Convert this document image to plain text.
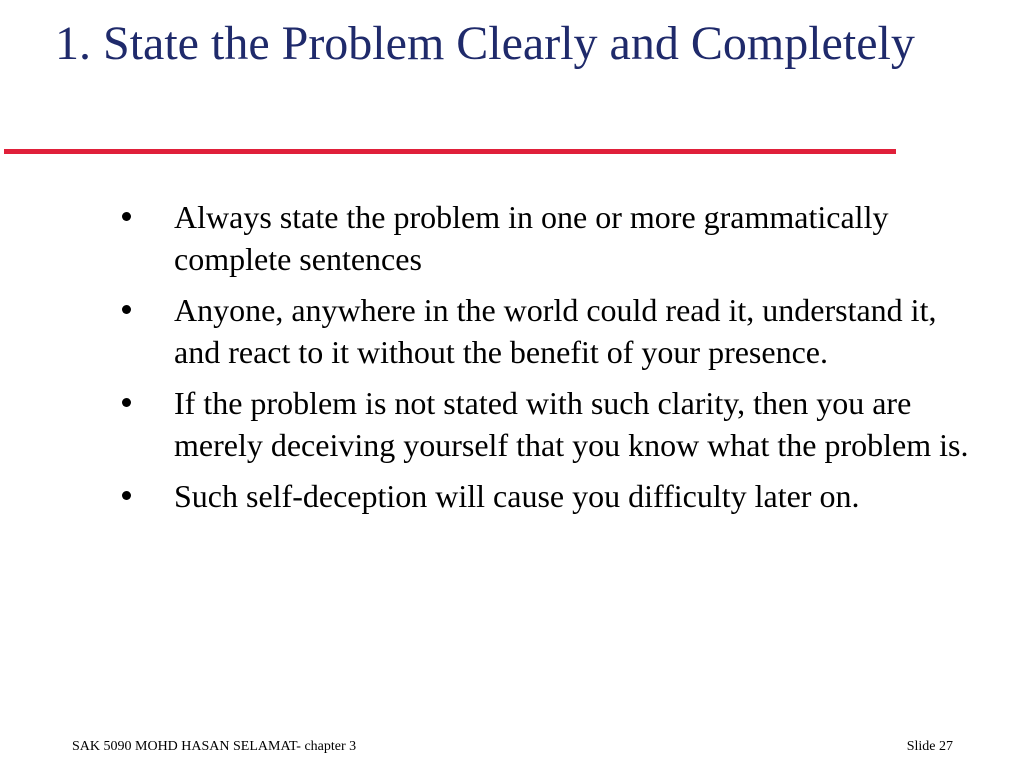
1. State the Problem Clearly and Completely
Always state the problem in one or more grammatically complete sentences
Anyone, anywhere in the world could read it, understand it, and react to it without the benefit of your presence.
If the problem is not stated with such clarity, then you are merely deceiving yourself that you know what the problem is.
Such self-deception will cause you difficulty later on.
SAK 5090 MOHD HASAN SELAMAT- chapter 3	Slide 27
